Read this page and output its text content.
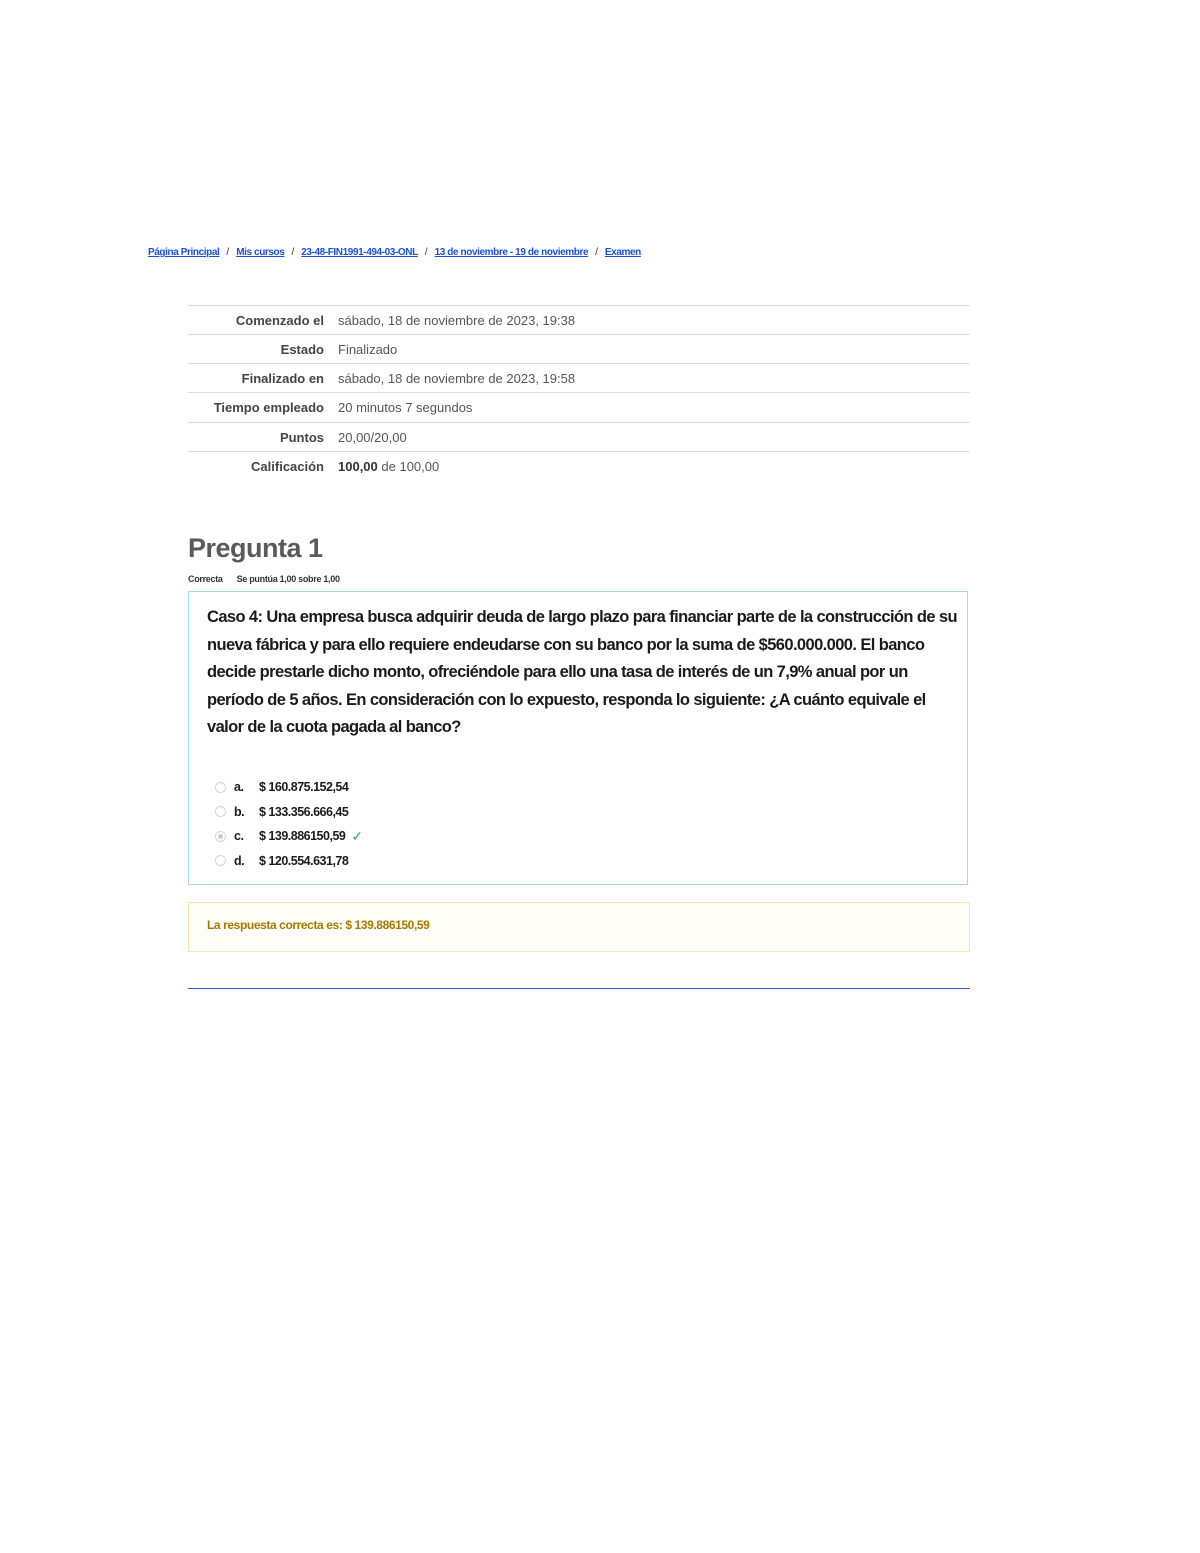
Página Principal / Mis cursos / 23-48-FIN1991-494-03-ONL / 13 de noviembre - 19 de noviembre / Examen
Comenzado el	sábado, 18 de noviembre de 2023, 19:38
Estado	Finalizado
Finalizado en	sábado, 18 de noviembre de 2023, 19:58
Tiempo empleado	20 minutos 7 segundos
Puntos	20,00/20,00
Calificación	100,00 de 100,00
Pregunta 1
Correcta Se puntúa 1,00 sobre 1,00

Caso 4: Una empresa busca adquirir deuda de largo plazo para financiar parte de la construcción de su nueva fábrica y para ello requiere endeudarse con su banco por la suma de $560.000.000. El banco decide prestarle dicho monto, ofreciéndole para ello una tasa de interés de un 7,9% anual por un período de 5 años. En consideración con lo expuesto, responda lo siguiente: ¿A cuánto equivale el valor de la cuota pagada al banco?

a.	$ 160.875.152,54
b.	$ 133.356.666,45
c.	$ 139.886150,59 ✓
d.	$ 120.554.631,78
La respuesta correcta es: $ 139.886150,59
